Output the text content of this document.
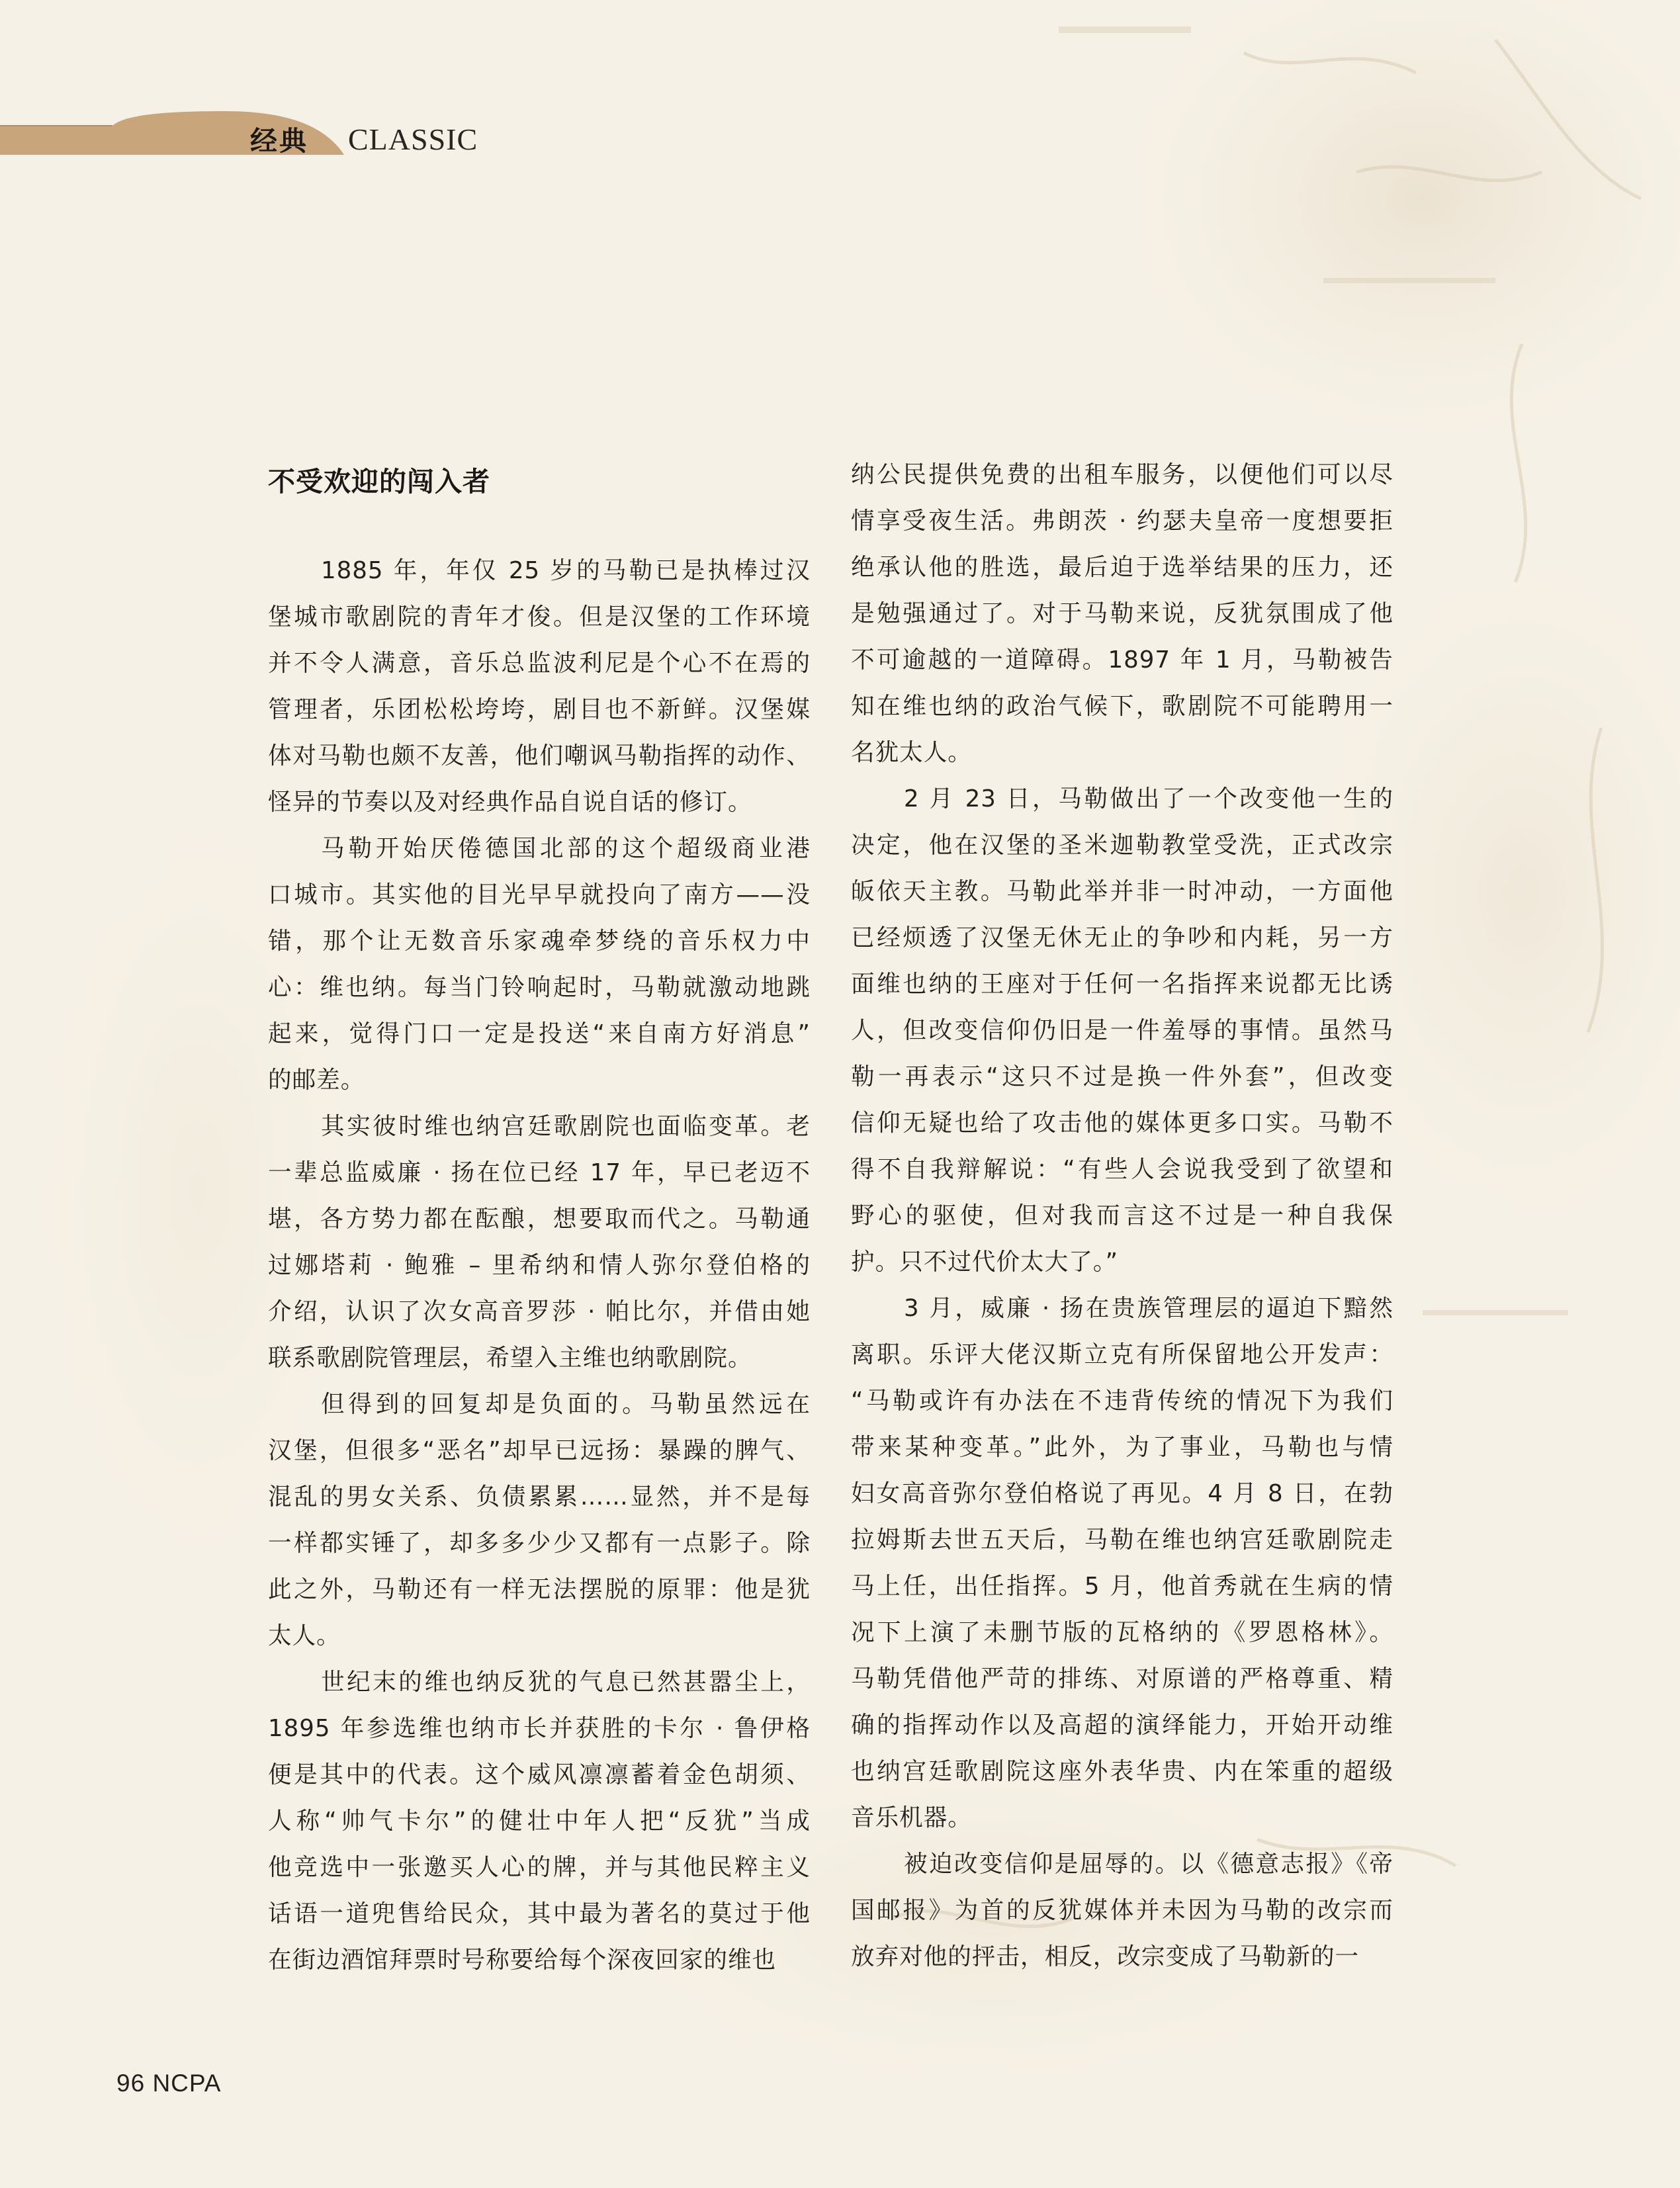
经典 CLASSIC
不受欢迎的闯入者

1885 年，年仅 25 岁的马勒已是执棒过汉
堡城市歌剧院的青年才俊。但是汉堡的工作环境
并不令人满意，音乐总监波利尼是个心不在焉的
管理者，乐团松松垮垮，剧目也不新鲜。汉堡媒
体对马勒也颇不友善，他们嘲讽马勒指挥的动作、
怪异的节奏以及对经典作品自说自话的修订。

马勒开始厌倦德国北部的这个超级商业港
口城市。其实他的目光早早就投向了南方——没
错，那个让无数音乐家魂牵梦绕的音乐权力中
心：维也纳。每当门铃响起时，马勒就激动地跳
起来，觉得门口一定是投送“来自南方好消息”
的邮差。

其实彼时维也纳宫廷歌剧院也面临变革。老
一辈总监威廉 · 扬在位已经 17 年，早已老迈不
堪，各方势力都在酝酿，想要取而代之。马勒通
过娜塔莉 · 鲍雅 – 里希纳和情人弥尔登伯格的
介绍，认识了次女高音罗莎 · 帕比尔，并借由她
联系歌剧院管理层，希望入主维也纳歌剧院。

但得到的回复却是负面的。马勒虽然远在
汉堡，但很多“恶名”却早已远扬：暴躁的脾气、
混乱的男女关系、负债累累……显然，并不是每
一样都实锤了，却多多少少又都有一点影子。除
此之外，马勒还有一样无法摆脱的原罪：他是犹
太人。

世纪末的维也纳反犹的气息已然甚嚣尘上，
1895 年参选维也纳市长并获胜的卡尔 · 鲁伊格
便是其中的代表。这个威风凛凛蓄着金色胡须、
人称“帅气卡尔”的健壮中年人把“反犹”当成
他竞选中一张邀买人心的牌，并与其他民粹主义
话语一道兜售给民众，其中最为著名的莫过于他
在街边酒馆拜票时号称要给每个深夜回家的维也

纳公民提供免费的出租车服务，以便他们可以尽
情享受夜生活。弗朗茨 · 约瑟夫皇帝一度想要拒
绝承认他的胜选，最后迫于选举结果的压力，还
是勉强通过了。对于马勒来说，反犹氛围成了他
不可逾越的一道障碍。1897 年 1 月，马勒被告
知在维也纳的政治气候下，歌剧院不可能聘用一
名犹太人。

2 月 23 日，马勒做出了一个改变他一生的
决定，他在汉堡的圣米迦勒教堂受洗，正式改宗
皈依天主教。马勒此举并非一时冲动，一方面他
已经烦透了汉堡无休无止的争吵和内耗，另一方
面维也纳的王座对于任何一名指挥来说都无比诱
人，但改变信仰仍旧是一件羞辱的事情。虽然马
勒一再表示“这只不过是换一件外套”，但改变
信仰无疑也给了攻击他的媒体更多口实。马勒不
得不自我辩解说：“有些人会说我受到了欲望和
野心的驱使，但对我而言这不过是一种自我保
护。只不过代价太大了。”

3 月，威廉 · 扬在贵族管理层的逼迫下黯然
离职。乐评大佬汉斯立克有所保留地公开发声：
“马勒或许有办法在不违背传统的情况下为我们
带来某种变革。”此外，为了事业，马勒也与情
妇女高音弥尔登伯格说了再见。4 月 8 日，在勃
拉姆斯去世五天后，马勒在维也纳宫廷歌剧院走
马上任，出任指挥。5 月，他首秀就在生病的情
况下上演了未删节版的瓦格纳的《罗恩格林》。
马勒凭借他严苛的排练、对原谱的严格尊重、精
确的指挥动作以及高超的演绎能力，开始开动维
也纳宫廷歌剧院这座外表华贵、内在笨重的超级
音乐机器。

被迫改变信仰是屈辱的。以《德意志报》《帝
国邮报》为首的反犹媒体并未因为马勒的改宗而
放弃对他的抨击，相反，改宗变成了马勒新的一

96 NCPA
